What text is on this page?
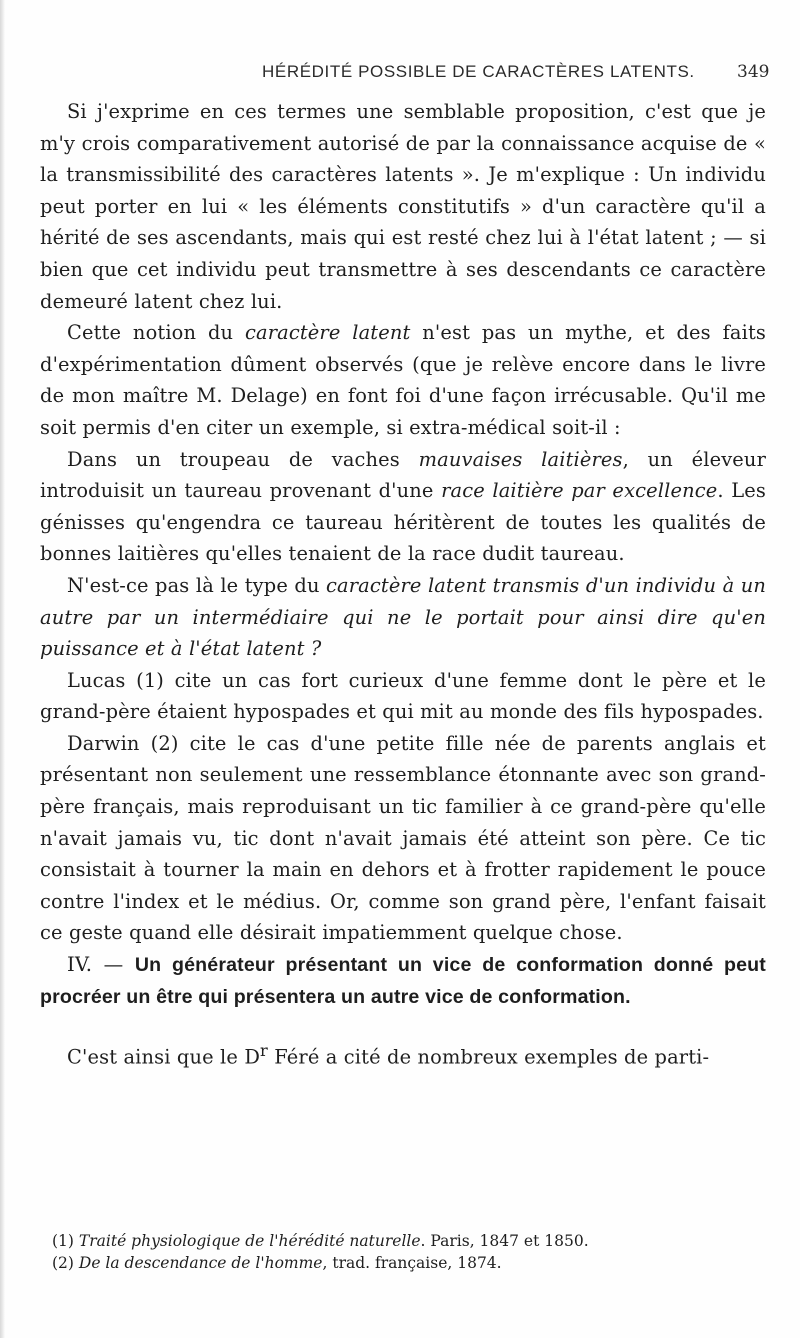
HÉRÉDITÉ POSSIBLE DE CARACTÈRES LATENTS. 349

Si j'exprime en ces termes une semblable proposition, c'est que je m'y crois comparativement autorisé de par la connaissance acquise de « la transmissibilité des caractères latents ». Je m'explique : Un individu peut porter en lui « les éléments constitutifs » d'un caractère qu'il a hérité de ses ascendants, mais qui est resté chez lui à l'état latent ; — si bien que cet individu peut transmettre à ses descendants ce caractère demeuré latent chez lui.

Cette notion du caractère latent n'est pas un mythe, et des faits d'expérimentation dûment observés (que je relève encore dans le livre de mon maître M. Delage) en font foi d'une façon irrécusable. Qu'il me soit permis d'en citer un exemple, si extra-médical soit-il :

Dans un troupeau de vaches mauvaises laitières, un éleveur introduisit un taureau provenant d'une race laitière par excellence. Les génisses qu'engendra ce taureau héritèrent de toutes les qualités de bonnes laitières qu'elles tenaient de la race dudit taureau.

N'est-ce pas là le type du caractère latent transmis d'un individu à un autre par un intermédiaire qui ne le portait pour ainsi dire qu'en puissance et à l'état latent ?

Lucas (1) cite un cas fort curieux d'une femme dont le père et le grand-père étaient hypospades et qui mit au monde des fils hypospades.

Darwin (2) cite le cas d'une petite fille née de parents anglais et présentant non seulement une ressemblance étonnante avec son grand-père français, mais reproduisant un tic familier à ce grand-père qu'elle n'avait jamais vu, tic dont n'avait jamais été atteint son père. Ce tic consistait à tourner la main en dehors et à frotter rapidement le pouce contre l'index et le médius. Or, comme son grand père, l'enfant faisait ce geste quand elle désirait impatiemment quelque chose.

IV. — Un générateur présentant un vice de conformation donné peut procréer un être qui présentera un autre vice de conformation.

C'est ainsi que le $D^r$ Féré a cité de nombreux exemples de parti-

(1) Traité physiologique de l'hérédité naturelle. Paris, 1847 et 1850.

(2) De la descendance de l'homme, trad. française, 1874.
